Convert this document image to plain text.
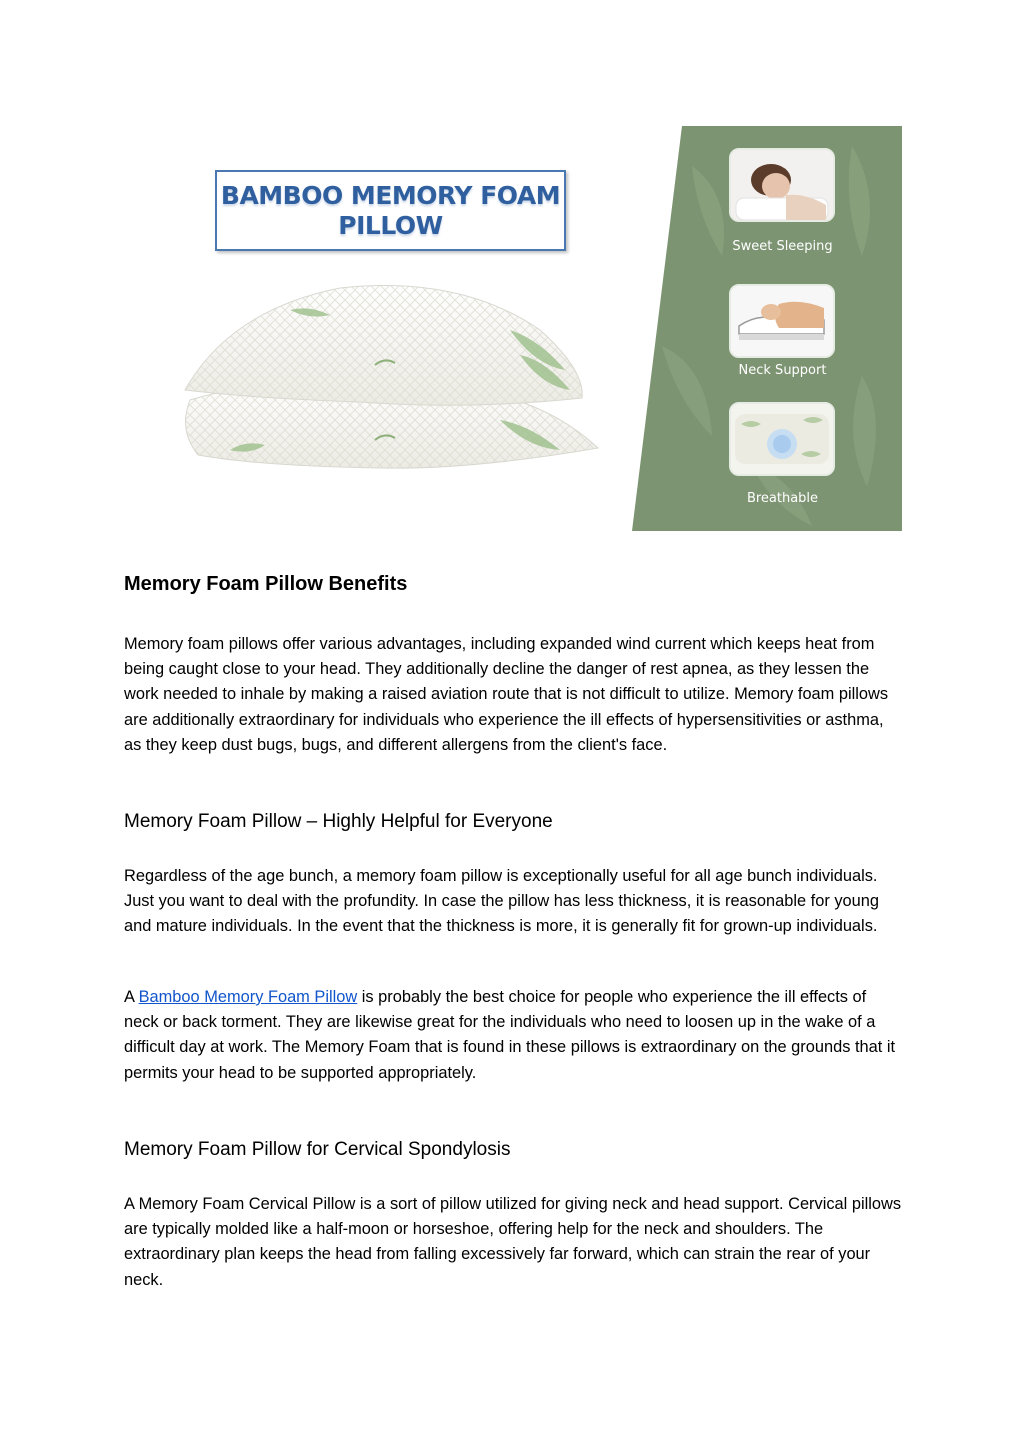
BAMBOO MEMORY FOAM
PILLOW
Sweet Sleeping
Neck Support
Breathable
Memory Foam Pillow Benefits

Memory foam pillows offer various advantages, including expanded wind current which keeps heat from being caught close to your head. They additionally decline the danger of rest apnea, as they lessen the work needed to inhale by making a raised aviation route that is not difficult to utilize. Memory foam pillows are additionally extraordinary for individuals who experience the ill effects of hypersensitivities or asthma, as they keep dust bugs, bugs, and different allergens from the client's face.

Memory Foam Pillow – Highly Helpful for Everyone

Regardless of the age bunch, a memory foam pillow is exceptionally useful for all age bunch individuals. Just you want to deal with the profundity. In case the pillow has less thickness, it is reasonable for young and mature individuals. In the event that the thickness is more, it is generally fit for grown-up individuals.

A Bamboo Memory Foam Pillow is probably the best choice for people who experience the ill effects of neck or back torment. They are likewise great for the individuals who need to loosen up in the wake of a difficult day at work. The Memory Foam that is found in these pillows is extraordinary on the grounds that it permits your head to be supported appropriately.

Memory Foam Pillow for Cervical Spondylosis

A Memory Foam Cervical Pillow is a sort of pillow utilized for giving neck and head support. Cervical pillows are typically molded like a half-moon or horseshoe, offering help for the neck and shoulders. The extraordinary plan keeps the head from falling excessively far forward, which can strain the rear of your neck.
